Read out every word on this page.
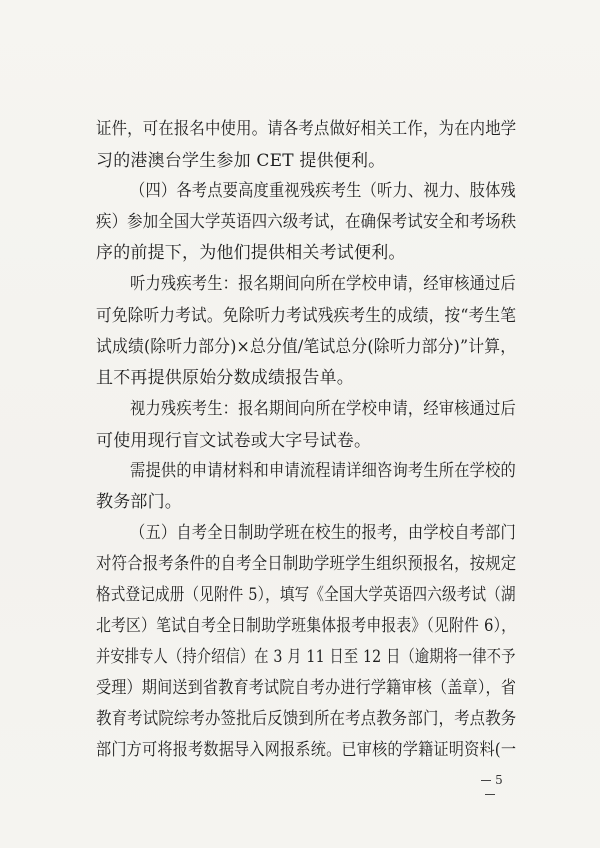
证件，可在报名中使用。请各考点做好相关工作，为在内地学
习的港澳台学生参加 CET 提供便利。
（四）各考点要高度重视残疾考生（听力、视力、肢体残
疾）参加全国大学英语四六级考试，在确保考试安全和考场秩
序的前提下，为他们提供相关考试便利。
听力残疾考生：报名期间向所在学校申请，经审核通过后
可免除听力考试。免除听力考试残疾考生的成绩，按“考生笔
试成绩(除听力部分)×总分值/笔试总分(除听力部分)”计算，
且不再提供原始分数成绩报告单。
视力残疾考生：报名期间向所在学校申请，经审核通过后
可使用现行盲文试卷或大字号试卷。
需提供的申请材料和申请流程请详细咨询考生所在学校的
教务部门。
（五）自考全日制助学班在校生的报考，由学校自考部门
对符合报考条件的自考全日制助学班学生组织预报名，按规定
格式登记成册（见附件 5），填写《全国大学英语四六级考试（湖
北考区）笔试自考全日制助学班集体报考申报表》（见附件 6），
并安排专人（持介绍信）在 3 月 11 日至 12 日（逾期将一律不予
受理）期间送到省教育考试院自考办进行学籍审核（盖章），省
教育考试院综考办签批后反馈到所在考点教务部门，考点教务
部门方可将报考数据导入网报系统。已审核的学籍证明资料(一
5
